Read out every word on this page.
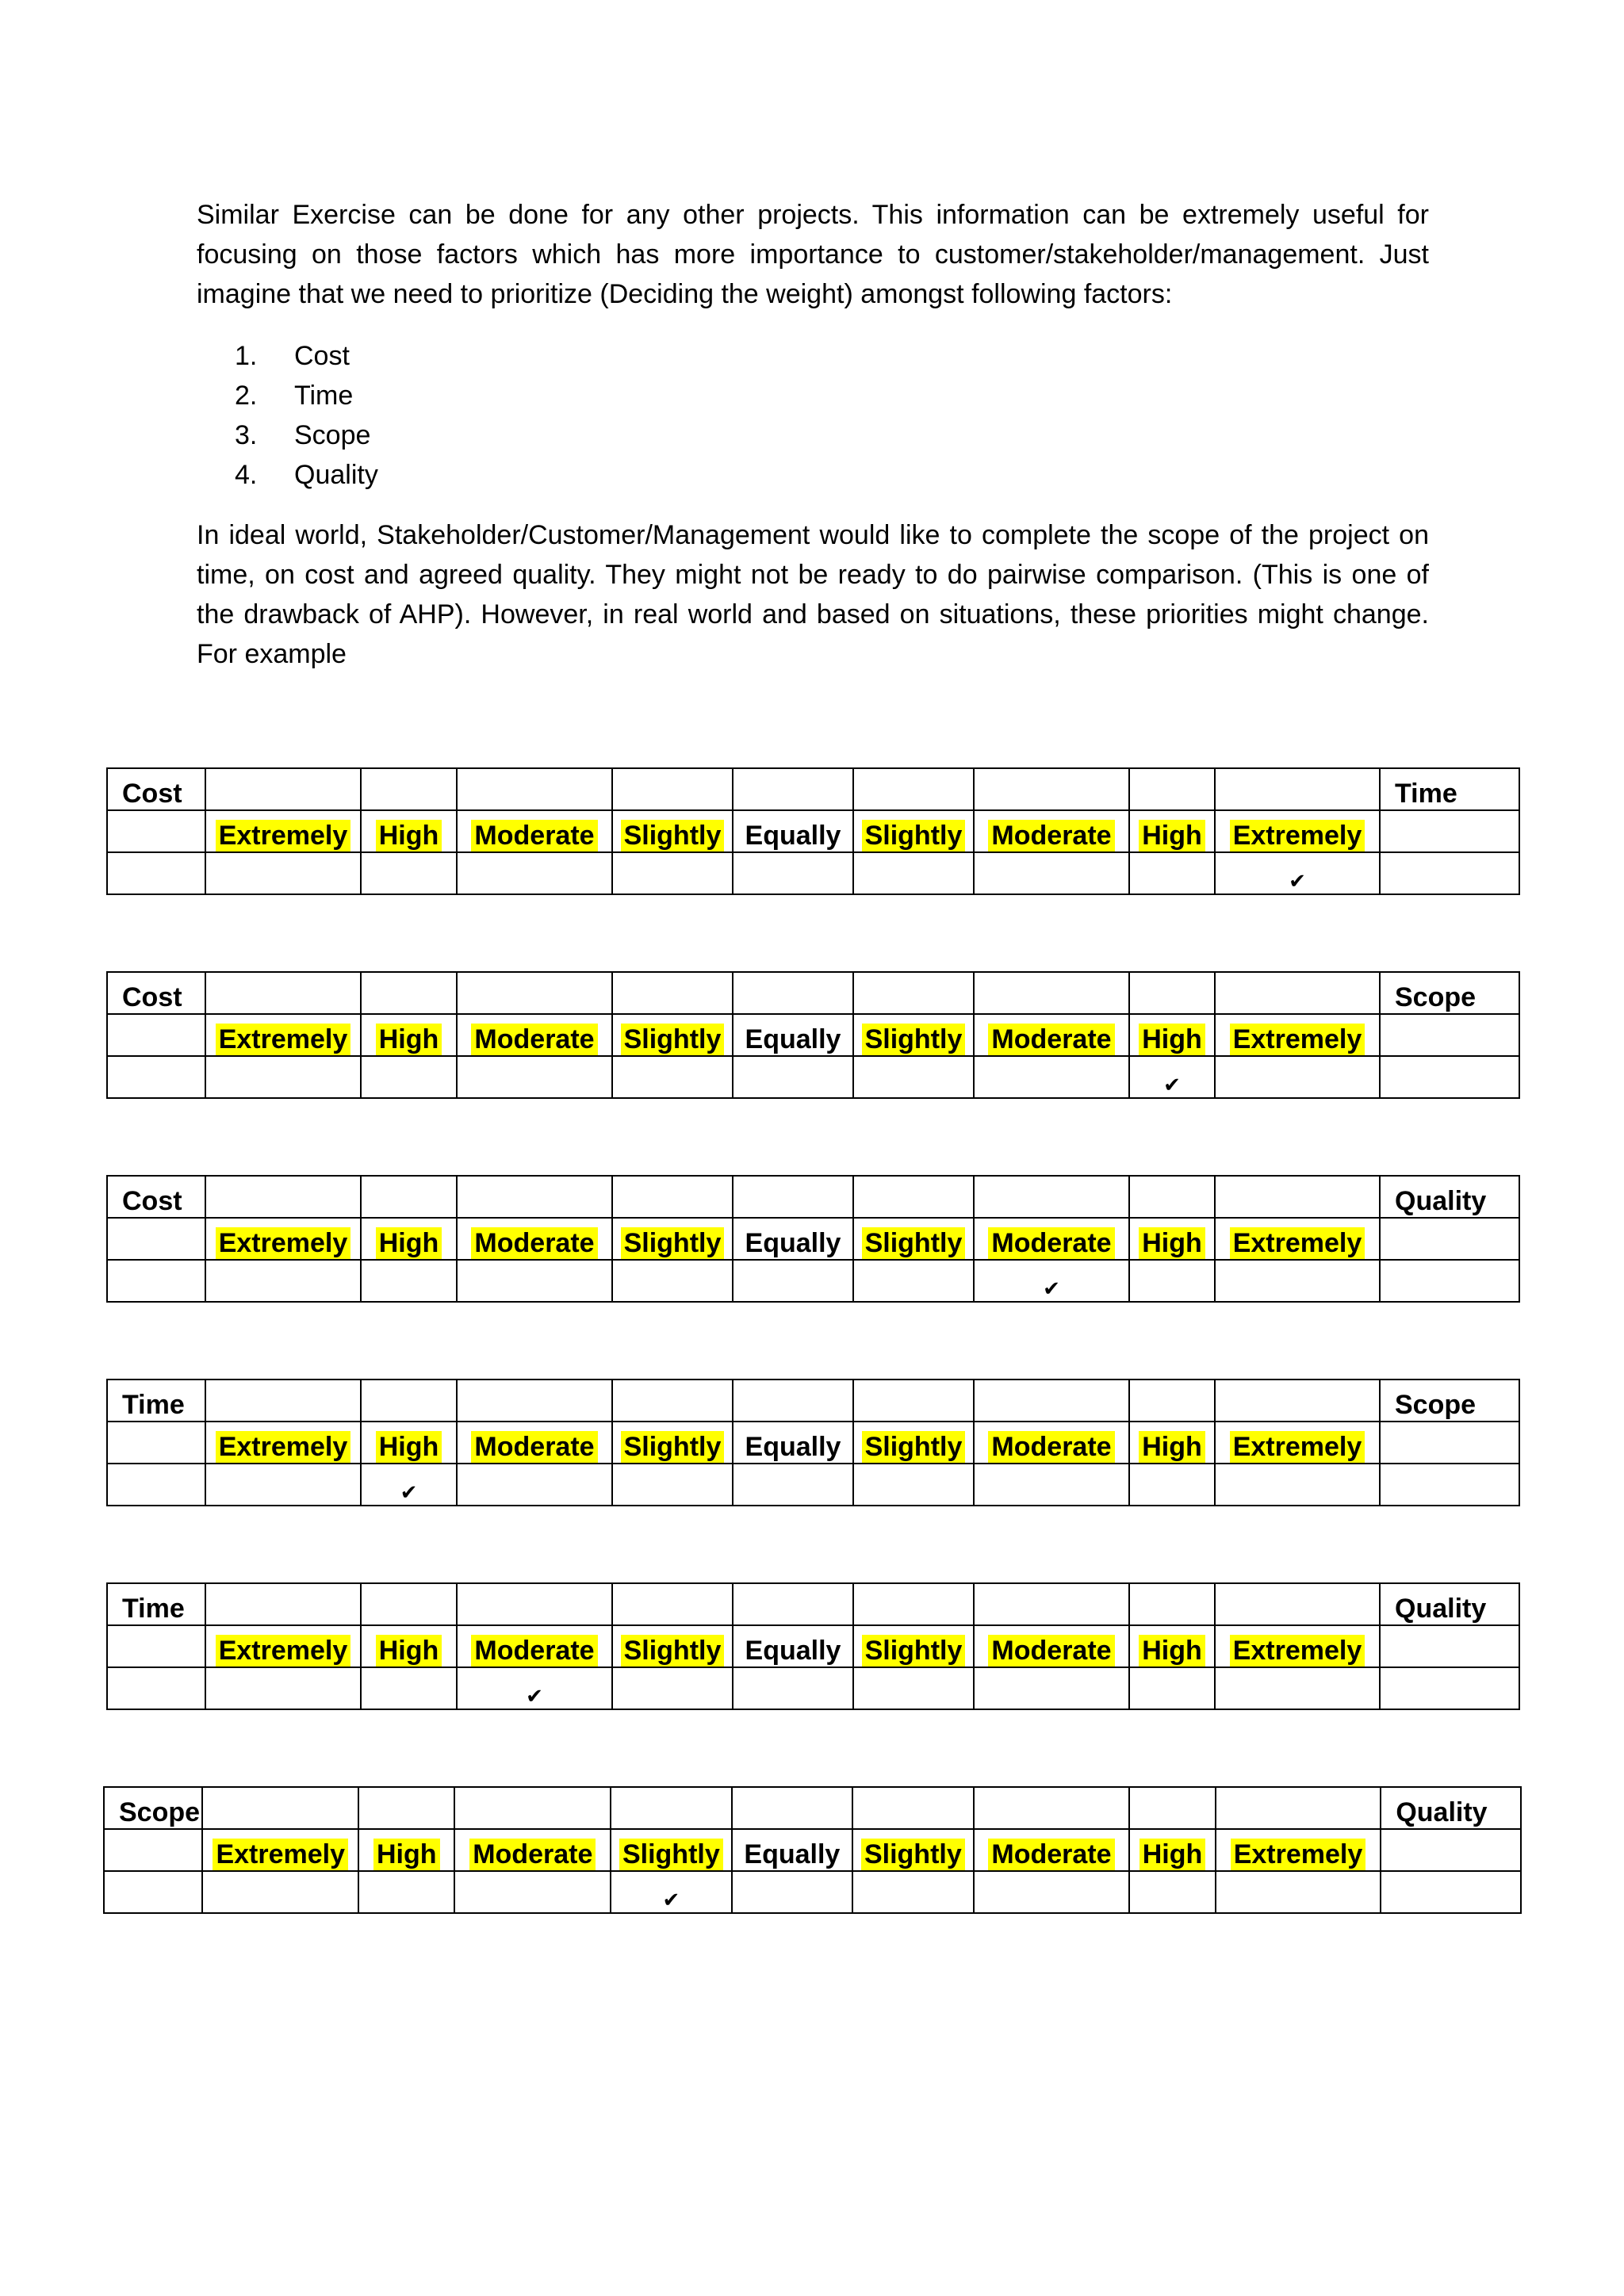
Similar Exercise can be done for any other projects. This information can be extremely useful for focusing on those factors which has more importance to customer/stakeholder/management. Just imagine that we need to prioritize (Deciding the weight) amongst following factors:
1.	Cost
2.	Time
3.	Scope
4.	Quality
In ideal world, Stakeholder/Customer/Management would like to complete the scope of the project on time, on cost and agreed quality. They might not be ready to do pairwise comparison. (This is one of the drawback of AHP). However, in real world and based on situations, these priorities might change. For example
Cost										Time
	Extremely	High	Moderate	Slightly	Equally	Slightly	Moderate	High	Extremely	
									✔	
Cost										Scope
	Extremely	High	Moderate	Slightly	Equally	Slightly	Moderate	High	Extremely	
								✔		
Cost										Quality
	Extremely	High	Moderate	Slightly	Equally	Slightly	Moderate	High	Extremely	
							✔			
Time										Scope
	Extremely	High	Moderate	Slightly	Equally	Slightly	Moderate	High	Extremely	
		✔								
Time										Quality
	Extremely	High	Moderate	Slightly	Equally	Slightly	Moderate	High	Extremely	
			✔							
Scope										Quality
	Extremely	High	Moderate	Slightly	Equally	Slightly	Moderate	High	Extremely	
				✔						
